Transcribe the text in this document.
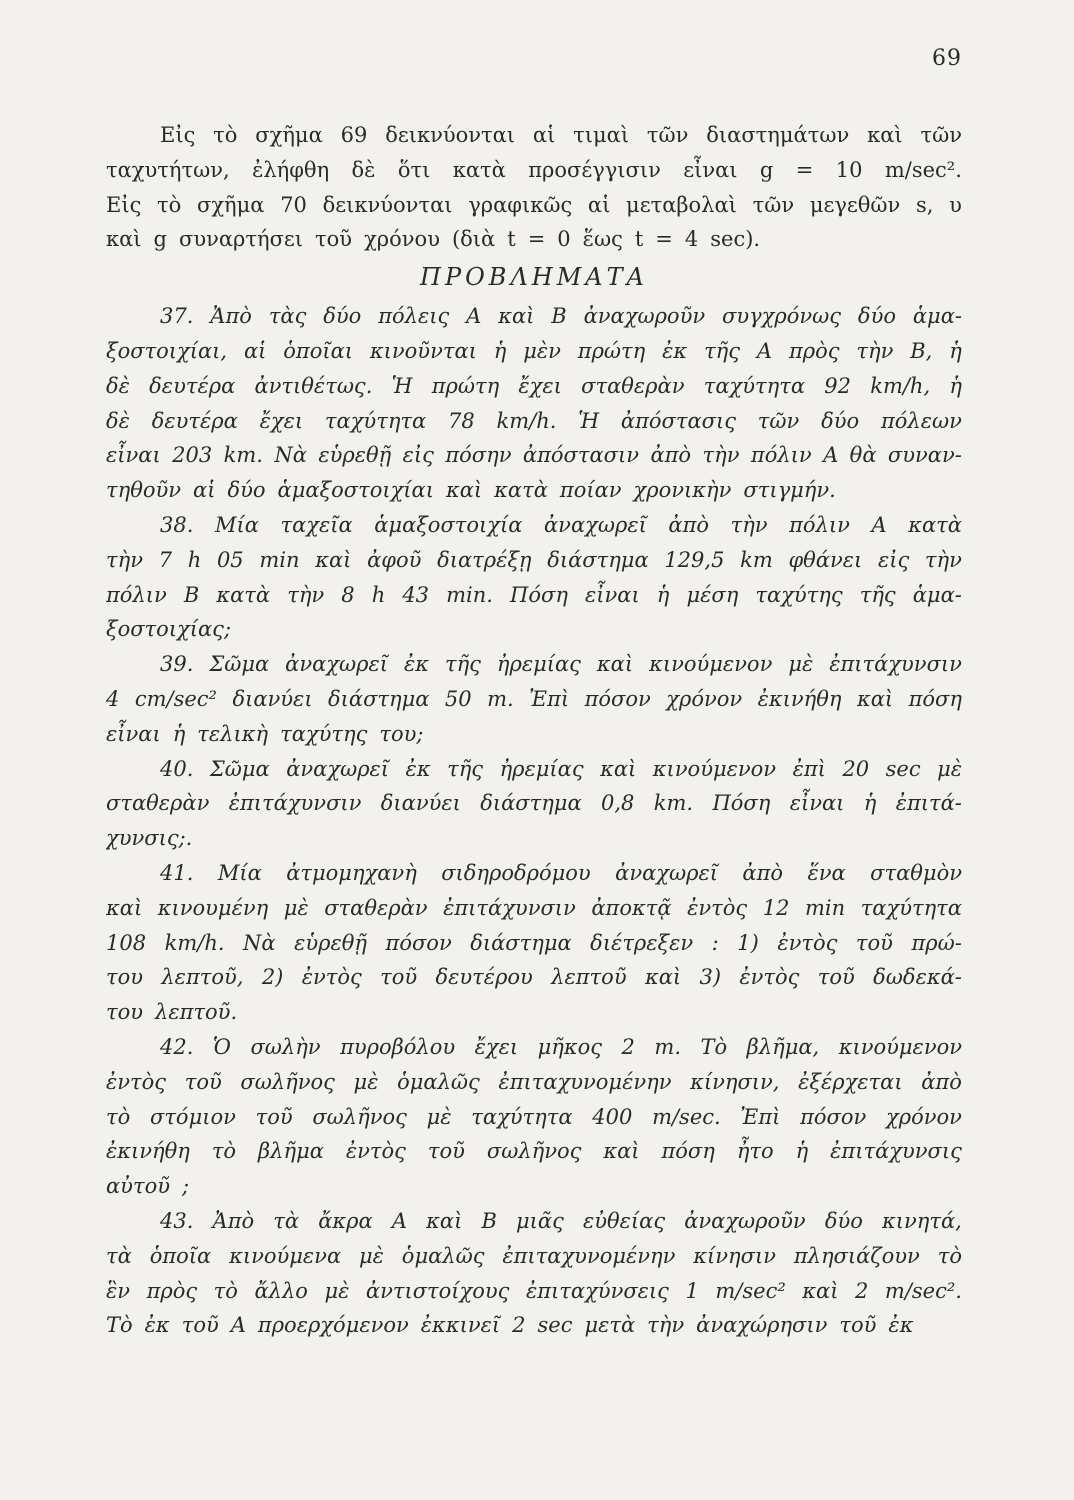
69
Εἰς τὸ σχῆμα 69 δεικνύονται αἱ τιμαὶ τῶν διαστημάτων καὶ τῶν
ταχυτήτων, ἐλήφθη δὲ ὅτι κατὰ προσέγγισιν εἶναι g = 10 m/sec².
Εἰς τὸ σχῆμα 70 δεικνύονται γραφικῶς αἱ μεταβολαὶ τῶν μεγεθῶν s, υ
καὶ g συναρτήσει τοῦ χρόνου (διὰ t = 0 ἕως t = 4 sec).
ΠΡΟΒΛΗΜΑΤΑ
37. Ἀπὸ τὰς δύο πόλεις Α καὶ Β ἀναχωροῦν συγχρόνως δύο ἁμα-
ξοστοιχίαι, αἱ ὁποῖαι κινοῦνται ἡ μὲν πρώτη ἐκ τῆς Α πρὸς τὴν Β, ἡ
δὲ δευτέρα ἀντιθέτως. Ἡ πρώτη ἔχει σταθερὰν ταχύτητα 92 km/h, ἡ
δὲ δευτέρα ἔχει ταχύτητα 78 km/h. Ἡ ἀπόστασις τῶν δύο πόλεων
εἶναι 203 km. Νὰ εὑρεθῇ εἰς πόσην ἀπόστασιν ἀπὸ τὴν πόλιν Α θὰ συναν-
τηθοῦν αἱ δύο ἁμαξοστοιχίαι καὶ κατὰ ποίαν χρονικὴν στιγμήν.
38. Μία ταχεῖα ἁμαξοστοιχία ἀναχωρεῖ ἀπὸ τὴν πόλιν Α κατὰ
τὴν 7 h 05 min καὶ ἀφοῦ διατρέξῃ διάστημα 129,5 km φθάνει εἰς τὴν
πόλιν Β κατὰ τὴν 8 h 43 min. Πόση εἶναι ἡ μέση ταχύτης τῆς ἁμα-
ξοστοιχίας;
39. Σῶμα ἀναχωρεῖ ἐκ τῆς ἠρεμίας καὶ κινούμενον μὲ ἐπιτάχυνσιν
4 cm/sec² διανύει διάστημα 50 m. Ἐπὶ πόσον χρόνον ἐκινήθη καὶ πόση
εἶναι ἡ τελικὴ ταχύτης του;
40. Σῶμα ἀναχωρεῖ ἐκ τῆς ἠρεμίας καὶ κινούμενον ἐπὶ 20 sec μὲ
σταθερὰν ἐπιτάχυνσιν διανύει διάστημα 0,8 km. Πόση εἶναι ἡ ἐπιτά-
χυνσις;.
41. Μία ἀτμομηχανὴ σιδηροδρόμου ἀναχωρεῖ ἀπὸ ἕνα σταθμὸν
καὶ κινουμένη μὲ σταθερὰν ἐπιτάχυνσιν ἀποκτᾷ ἐντὸς 12 min ταχύτητα
108 km/h. Νὰ εὑρεθῇ πόσον διάστημα διέτρεξεν : 1) ἐντὸς τοῦ πρώ-
του λεπτοῦ, 2) ἐντὸς τοῦ δευτέρου λεπτοῦ καὶ 3) ἐντὸς τοῦ δωδεκά-
του λεπτοῦ.
42. Ὁ σωλὴν πυροβόλου ἔχει μῆκος 2 m. Τὸ βλῆμα, κινούμενον
ἐντὸς τοῦ σωλῆνος μὲ ὁμαλῶς ἐπιταχυνομένην κίνησιν, ἐξέρχεται ἀπὸ
τὸ στόμιον τοῦ σωλῆνος μὲ ταχύτητα 400 m/sec. Ἐπὶ πόσον χρόνον
ἐκινήθη τὸ βλῆμα ἐντὸς τοῦ σωλῆνος καὶ πόση ἦτο ἡ ἐπιτάχυνσις
αὐτοῦ ;
43. Ἀπὸ τὰ ἄκρα Α καὶ Β μιᾶς εὐθείας ἀναχωροῦν δύο κινητά,
τὰ ὁποῖα κινούμενα μὲ ὁμαλῶς ἐπιταχυνομένην κίνησιν πλησιάζουν τὸ
ἓν πρὸς τὸ ἄλλο μὲ ἀντιστοίχους ἐπιταχύνσεις 1 m/sec² καὶ 2 m/sec².
Τὸ ἐκ τοῦ Α προερχόμενον ἐκκινεῖ 2 sec μετὰ τὴν ἀναχώρησιν τοῦ ἐκ
